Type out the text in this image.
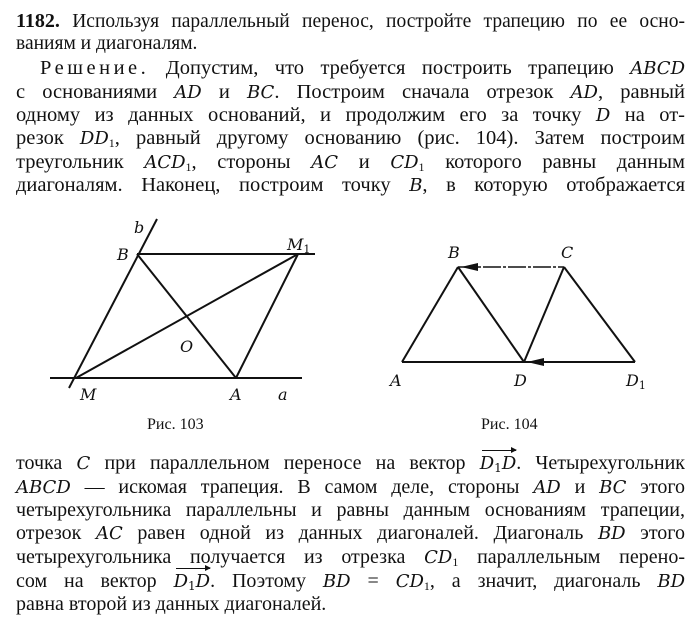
1182. Используя параллельный перенос, постройте трапецию по ее осно-
ваниям и диагоналям.
Решение. Допустим, что требуется построить трапецию ABCD
с основаниями AD и BC. Построим сначала отрезок AD, равный
одному из данных оснований, и продолжим его за точку D на от-
резок $DD_1$, равный другому основанию (рис. 104). Затем построим
треугольник $ACD_1$, стороны AC и $CD_1$ которого равны данным
диагоналям. Наконец, построим точку B, в которую отображается
b
B
M1
O
M	A a
Рис. 103
B	C
A	D	D1
Рис. 104
точка C при параллельном переносе на вектор $D_1D$. Четырехугольник
ABCD — искомая трапеция. В самом деле, стороны AD и BC этого
четырехугольника параллельны и равны данным основаниям трапеции,
отрезок AC равен одной из данных диагоналей. Диагональ BD этого
четырехугольника получается из отрезка $CD_1$ параллельным перено-
сом на вектор $D_1D$. Поэтому BD = $CD_1$, а значит, диагональ BD
равна второй из данных диагоналей.
